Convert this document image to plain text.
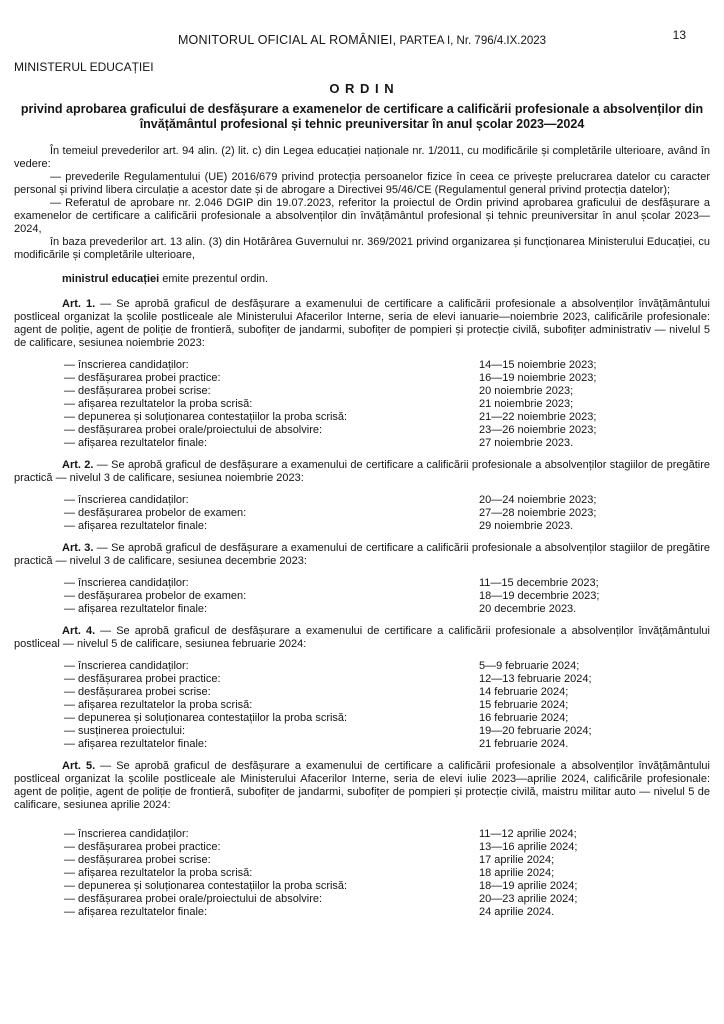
MONITORUL OFICIAL AL ROMÂNIEI, PARTEA I, Nr. 796/4.IX.2023	13
MINISTERUL EDUCAȚIEI
O R D I N
privind aprobarea graficului de desfășurare a examenelor de certificare a calificării profesionale a absolvenților din învățământul profesional și tehnic preuniversitar în anul școlar 2023—2024

În temeiul prevederilor art. 94 alin. (2) lit. c) din Legea educației naționale nr. 1/2011, cu modificările și completările ulterioare, având în vedere:

— prevederile Regulamentului (UE) 2016/679 privind protecția persoanelor fizice în ceea ce privește prelucrarea datelor cu caracter personal și privind libera circulație a acestor date și de abrogare a Directivei 95/46/CE (Regulamentul general privind protecția datelor);

— Referatul de aprobare nr. 2.046 DGIP din 19.07.2023, referitor la proiectul de Ordin privind aprobarea graficului de desfășurare a examenelor de certificare a calificării profesionale a absolvenților din învățământul profesional și tehnic preuniversitar în anul școlar 2023—2024,

în baza prevederilor art. 13 alin. (3) din Hotărârea Guvernului nr. 369/2021 privind organizarea și funcționarea Ministerului Educației, cu modificările și completările ulterioare,

ministrul educației emite prezentul ordin.

Art. 1. — Se aprobă graficul de desfășurare a examenului de certificare a calificării profesionale a absolvenților învățământului postliceal organizat la școlile postliceale ale Ministerului Afacerilor Interne, seria de elevi ianuarie—noiembrie 2023, calificările profesionale: agent de poliție, agent de poliție de frontieră, subofițer de jandarmi, subofițer de pompieri și protecție civilă, subofițer administrativ — nivelul 5 de calificare, sesiunea noiembrie 2023:

— înscrierea candidaților:	14—15 noiembrie 2023;
— desfășurarea probei practice:	16—19 noiembrie 2023;
— desfășurarea probei scrise:	20 noiembrie 2023;
— afișarea rezultatelor la proba scrisă:	21 noiembrie 2023;
— depunerea și soluționarea contestațiilor la proba scrisă:	21—22 noiembrie 2023;
— desfășurarea probei orale/proiectului de absolvire:	23—26 noiembrie 2023;
— afișarea rezultatelor finale:	27 noiembrie 2023.

Art. 2. — Se aprobă graficul de desfășurare a examenului de certificare a calificării profesionale a absolvenților stagiilor de pregătire practică — nivelul 3 de calificare, sesiunea noiembrie 2023:

— înscrierea candidaților:	20—24 noiembrie 2023;
— desfășurarea probelor de examen:	27—28 noiembrie 2023;
— afișarea rezultatelor finale:	29 noiembrie 2023.

Art. 3. — Se aprobă graficul de desfășurare a examenului de certificare a calificării profesionale a absolvenților stagiilor de pregătire practică — nivelul 3 de calificare, sesiunea decembrie 2023:

— înscrierea candidaților:	11—15 decembrie 2023;
— desfășurarea probelor de examen:	18—19 decembrie 2023;
— afișarea rezultatelor finale:	20 decembrie 2023.

Art. 4. — Se aprobă graficul de desfășurare a examenului de certificare a calificării profesionale a absolvenților învățământului postliceal — nivelul 5 de calificare, sesiunea februarie 2024:

— înscrierea candidaților:	5—9 februarie 2024;
— desfășurarea probei practice:	12—13 februarie 2024;
— desfășurarea probei scrise:	14 februarie 2024;
— afișarea rezultatelor la proba scrisă:	15 februarie 2024;
— depunerea și soluționarea contestațiilor la proba scrisă:	16 februarie 2024;
— susținerea proiectului:	19—20 februarie 2024;
— afișarea rezultatelor finale:	21 februarie 2024.

Art. 5. — Se aprobă graficul de desfășurare a examenului de certificare a calificării profesionale a absolvenților învățământului postliceal organizat la școlile postliceale ale Ministerului Afacerilor Interne, seria de elevi iulie 2023—aprilie 2024, calificările profesionale: agent de poliție, agent de poliție de frontieră, subofițer de jandarmi, subofițer de pompieri și protecție civilă, maistru militar auto — nivelul 5 de calificare, sesiunea aprilie 2024:

— înscrierea candidaților:	11—12 aprilie 2024;
— desfășurarea probei practice:	13—16 aprilie 2024;
— desfășurarea probei scrise:	17 aprilie 2024;
— afișarea rezultatelor la proba scrisă:	18 aprilie 2024;
— depunerea și soluționarea contestațiilor la proba scrisă:	18—19 aprilie 2024;
— desfășurarea probei orale/proiectului de absolvire:	20—23 aprilie 2024;
— afișarea rezultatelor finale:	24 aprilie 2024.
